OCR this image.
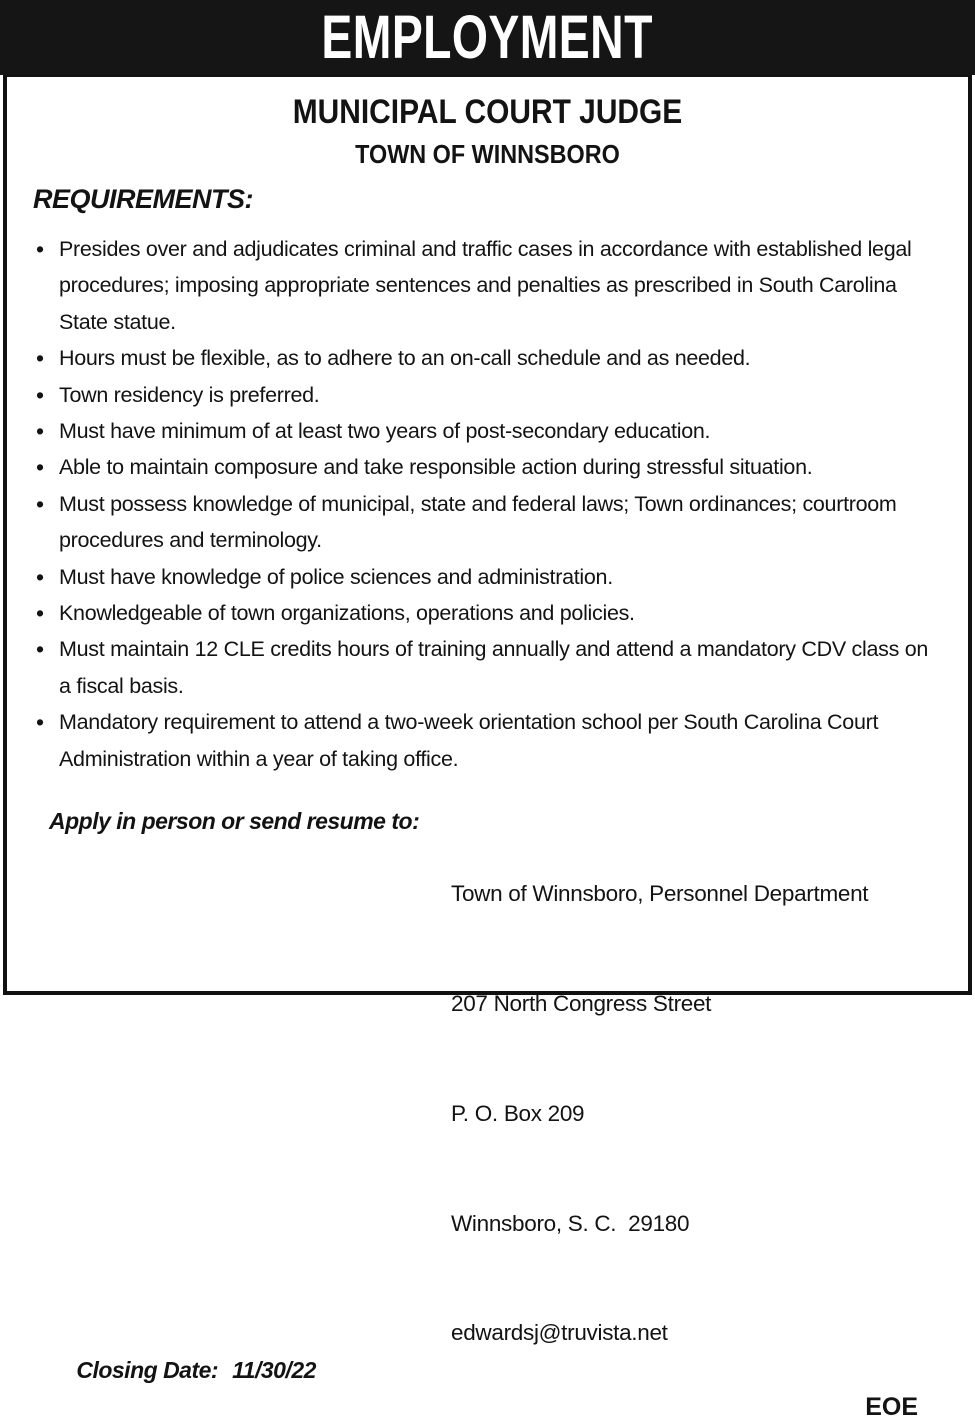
EMPLOYMENT
MUNICIPAL COURT JUDGE
TOWN OF WINNSBORO
REQUIREMENTS:
• Presides over and adjudicates criminal and traffic cases in accordance with established legal procedures; imposing appropriate sentences and penalties as prescribed in South Carolina State statue.
• Hours must be flexible, as to adhere to an on-call schedule and as needed.
• Town residency is preferred.
• Must have minimum of at least two years of post-secondary education.
• Able to maintain composure and take responsible action during stressful situation.
• Must possess knowledge of municipal, state and federal laws; Town ordinances; courtroom procedures and terminology.
• Must have knowledge of police sciences and administration.
• Knowledgeable of town organizations, operations and policies.
• Must maintain 12 CLE credits hours of training annually and attend a mandatory CDV class on a fiscal basis.
• Mandatory requirement to attend a two-week orientation school per South Carolina Court Administration within a year of taking office.
Apply in person or send resume to:

Town of Winnsboro, Personnel Department

207 North Congress Street

P. O. Box 209

Winnsboro, S. C.  29180

edwardsj@truvista.net

Closing Date: 11/30/22

EOE
